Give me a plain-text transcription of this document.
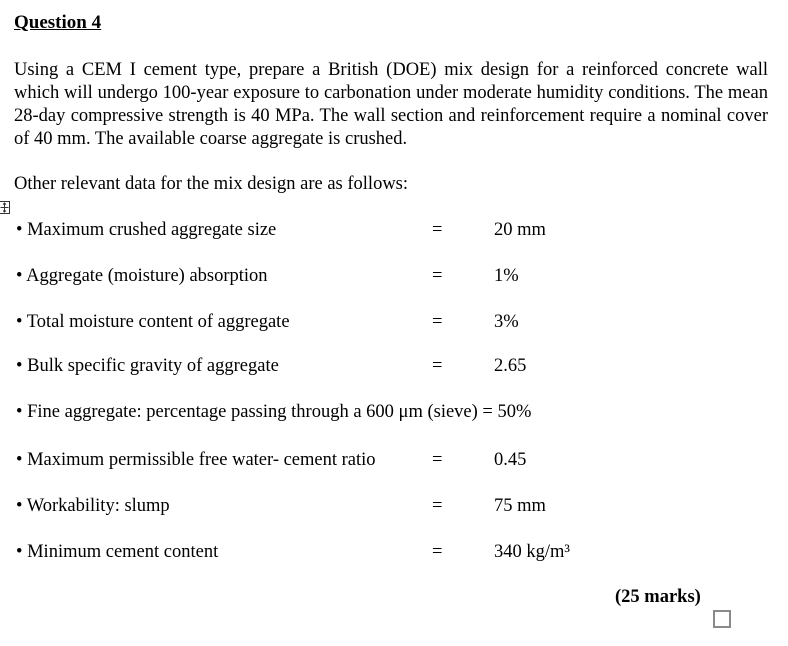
Question 4

Using a CEM I cement type, prepare a British (DOE) mix design for a reinforced concrete wall which will undergo 100-year exposure to carbonation under moderate humidity conditions. The mean 28-day compressive strength is 40 MPa. The wall section and reinforcement require a nominal cover of 40 mm. The available coarse aggregate is crushed.

Other relevant data for the mix design are as follows:
• Maximum crushed aggregate size	=	20 mm
• Aggregate (moisture) absorption	=	1%
• Total moisture content of aggregate	=	3%
• Bulk specific gravity of aggregate	=	2.65
• Fine aggregate: percentage passing through a 600 μm (sieve) = 50%
• Maximum permissible free water- cement ratio	=	0.45
• Workability: slump	=	75 mm
• Minimum cement content	=	340 kg/m³
(25 marks)
